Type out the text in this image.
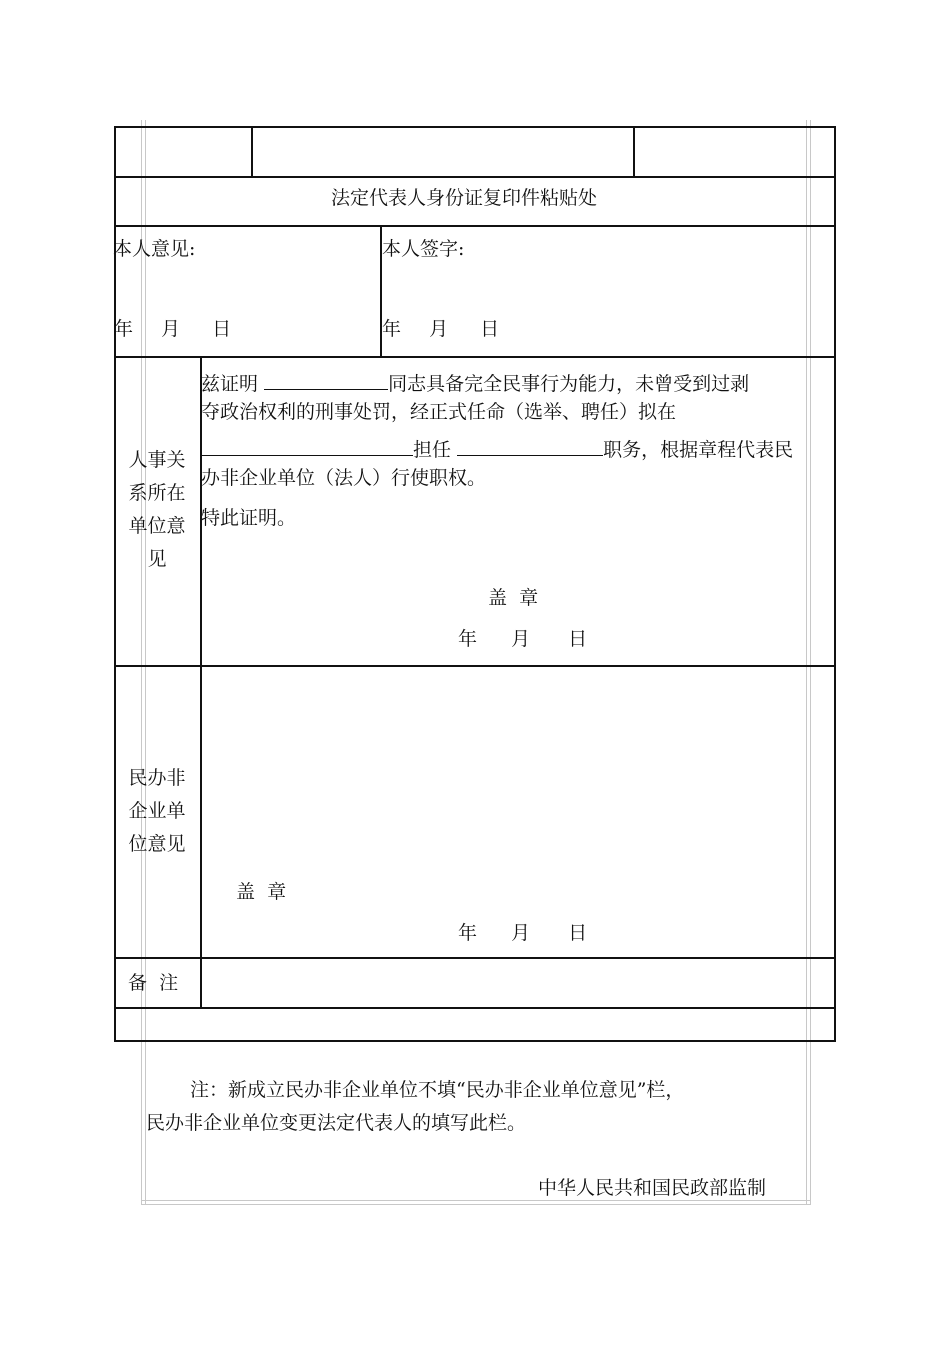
法定代表人身份证复印件粘贴处
本人意见:	本人签字:
年 月 日	年 月 日
人事关
系所在
单位意
见
兹证明	同志具备完全民事行为能力，未曾受到过剥
夺政治权利的刑事处罚，经正式任命（选举、聘任）拟在
担任	职务，根据章程代表民
办非企业单位（法人）行使职权。
特此证明。
盖  章
年 月 日
民办非
企业单
位意见
盖  章
年 月 日
备  注
注：新成立民办非企业单位不填“民办非企业单位意见”栏，
民办非企业单位变更法定代表人的填写此栏。
中华人民共和国民政部监制
